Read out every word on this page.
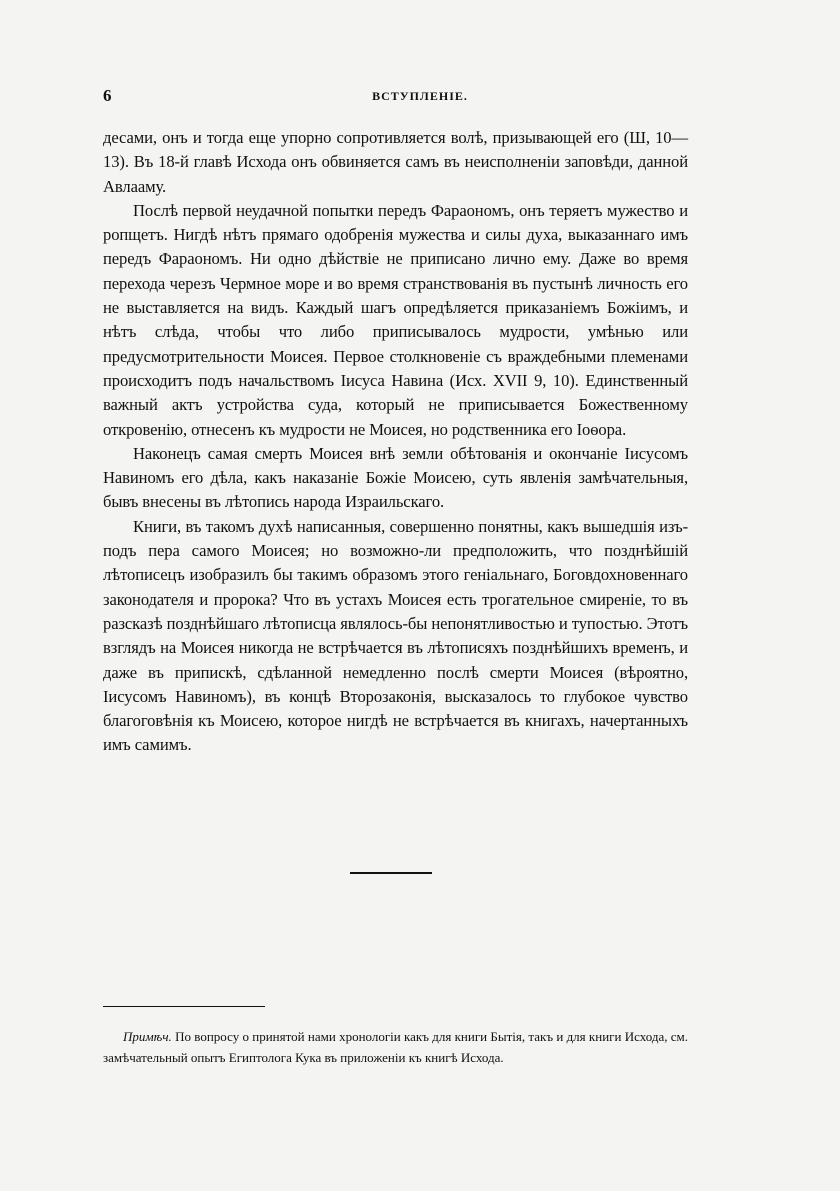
6	ВСТУПЛЕНІЕ.

десами, онъ и тогда еще упорно сопротивляется волѣ, призывающей его (Ш, 10—13). Въ 18-й главѣ Исхода онъ обвиняется самъ въ неисполненіи заповѣди, данной Авлааму.

Послѣ первой неудачной попытки передъ Фараономъ, онъ теряетъ мужество и ропщетъ. Нигдѣ нѣтъ прямаго одобренія мужества и силы духа, выказаннаго имъ передъ Фараономъ. Ни одно дѣйствіе не приписано лично ему. Даже во время перехода черезъ Чермное море и во время странствованія въ пустынѣ личность его не выставляется на видъ. Каждый шагъ опредѣляется приказаніемъ Божіимъ, и нѣтъ слѣда, чтобы что либо приписывалось мудрости, умѣнью или предусмотрительности Моисея. Первое столкновеніе съ враждебными племенами происходитъ подъ начальствомъ Іисуса Навина (Исх. XVII 9, 10). Единственный важный актъ устройства суда, который не приписывается Божественному откровенію, отнесенъ къ мудрости не Моисея, но родственника его Іоѳора.

Наконецъ самая смерть Моисея внѣ земли обѣтованія и окончаніе Іисусомъ Навиномъ его дѣла, какъ наказаніе Божіе Моисею, суть явленія замѣчательныя, бывъ внесены въ лѣтопись народа Израильскаго.

Книги, въ такомъ духѣ написанныя, совершенно понятны, какъ вышедшія изъ-подъ пера самого Моисея; но возможно-ли предположить, что позднѣйшій лѣтописецъ изобразилъ бы такимъ образомъ этого геніальнаго, Боговдохновеннаго законодателя и пророка? Что въ устахъ Моисея есть трогательное смиреніе, то въ разсказѣ позднѣйшаго лѣтописца являлось-бы непонятливостью и тупостью. Этотъ взглядъ на Моисея никогда не встрѣчается въ лѣтописяхъ позднѣйшихъ временъ, и даже въ припискѣ, сдѣланной немедленно послѣ смерти Моисея (вѣроятно, Іисусомъ Навиномъ), въ концѣ Второзаконія, высказалось то глубокое чувство благоговѣнія къ Моисею, которое нигдѣ не встрѣчается въ книгахъ, начертанныхъ имъ самимъ.

Примѣч. По вопросу о принятой нами хронологіи какъ для книги Бытія, такъ и для книги Исхода, см. замѣчательный опытъ Египтолога Кука въ приложеніи къ книгѣ Исхода.
